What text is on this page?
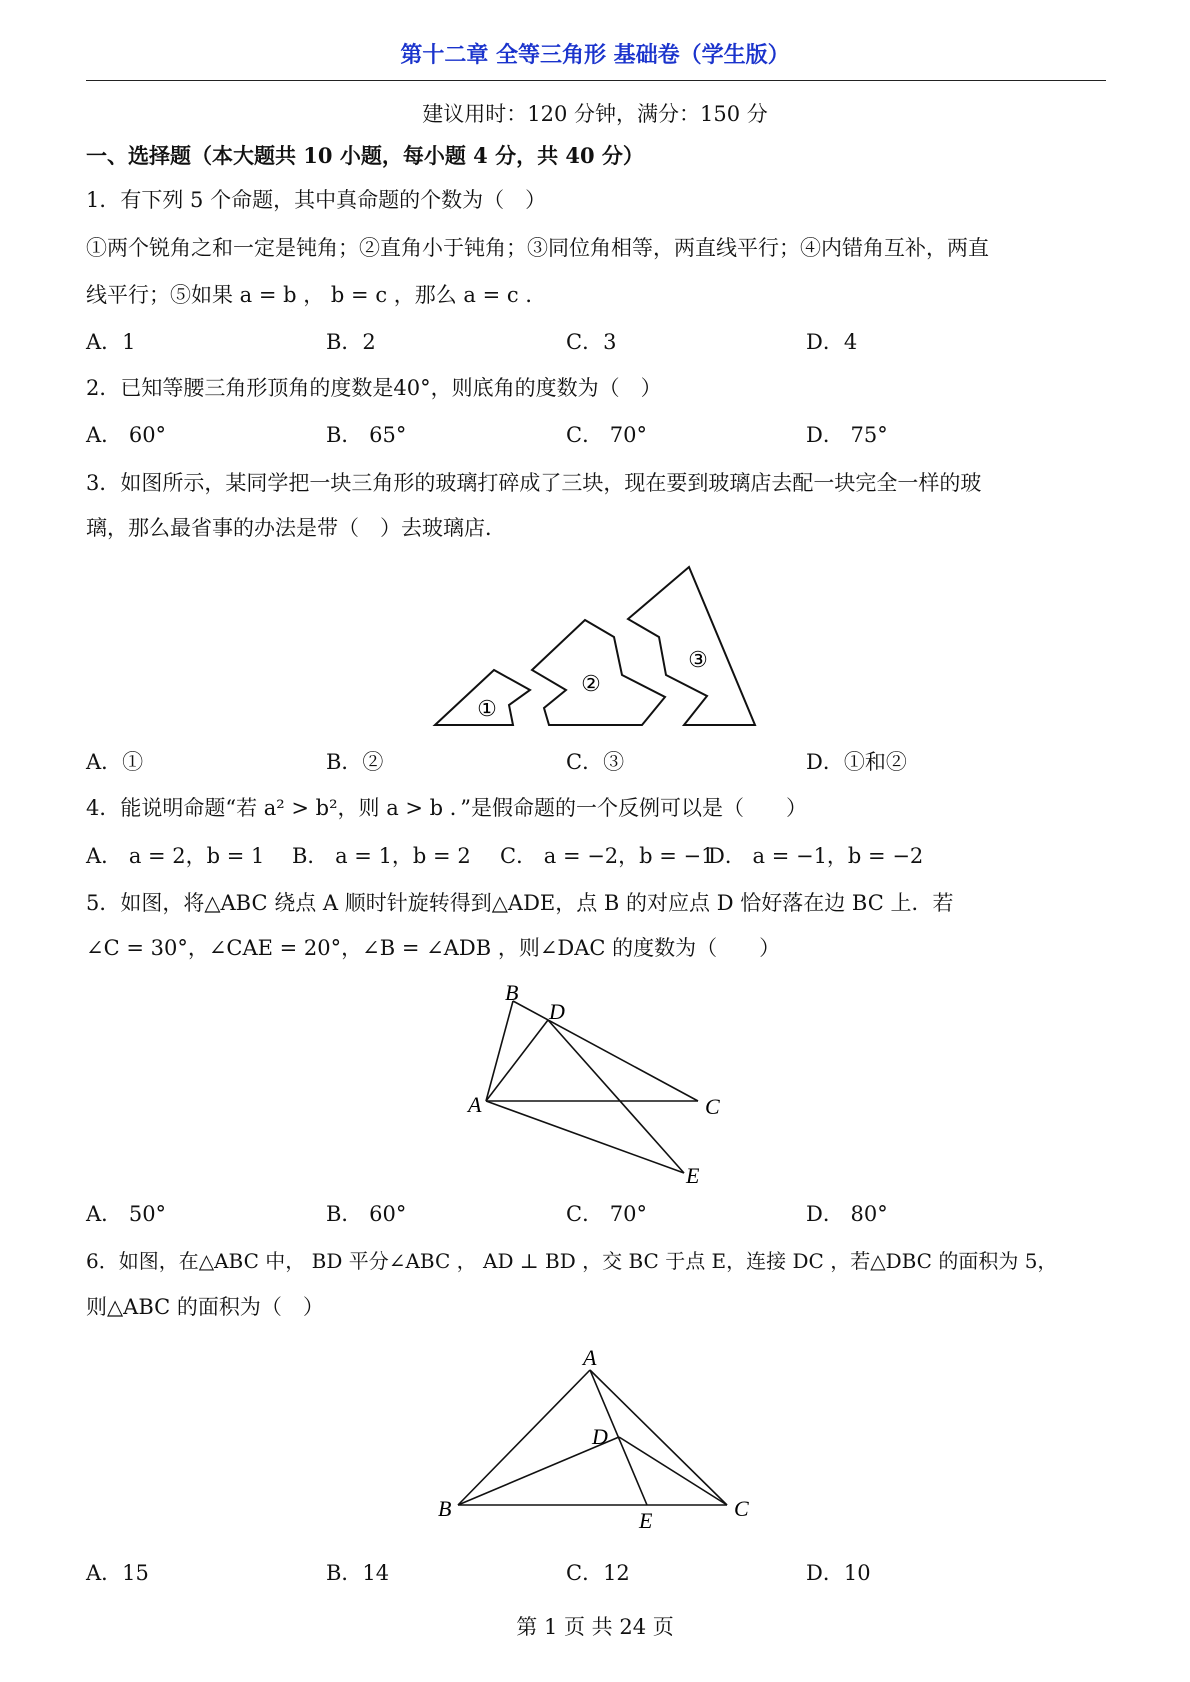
第十二章 全等三角形 基础卷（学生版）
建议用时：120 分钟，满分：150 分
一、选择题（本大题共 10 小题，每小题 4 分，共 40 分）
1．有下列 5 个命题，其中真命题的个数为（　）
①两个锐角之和一定是钝角；②直角小于钝角；③同位角相等，两直线平行；④内错角互补，两直
线平行；⑤如果 a = b ， b = c ，那么 a = c ．
A．1	B．2	C．3	D．4
2．已知等腰三角形顶角的度数是40°，则底角的度数为（　）
A． 60°	B． 65°	C． 70°	D． 75°
3．如图所示，某同学把一块三角形的玻璃打碎成了三块，现在要到玻璃店去配一块完全一样的玻
璃，那么最省事的办法是带（　）去玻璃店．
①
②
③
B
D
A	C
E
A
D
B	E	C
A．①	B．②	C．③	D．①和②
4．能说明命题“若 a² > b²，则 a > b ．”是假命题的一个反例可以是（　　）
A． a = 2，b = 1 B． a = 1，b = 2 C． a = −2，b = −1
D． a = −1，b = −2
5．如图，将△ABC 绕点 A 顺时针旋转得到△ADE，点 B 的对应点 D 恰好落在边 BC 上．若
∠C = 30°，∠CAE = 20°，∠B = ∠ADB ，则∠DAC 的度数为（　　）
A． 50°	B． 60°	C． 70°	D． 80°
6．如图，在△ABC 中， BD 平分∠ABC ， AD ⊥ BD ，交 BC 于点 E，连接 DC ，若△DBC 的面积为 5，
则△ABC 的面积为（　）
A．15	B．14	C．12	D．10
第 1 页 共 24 页
